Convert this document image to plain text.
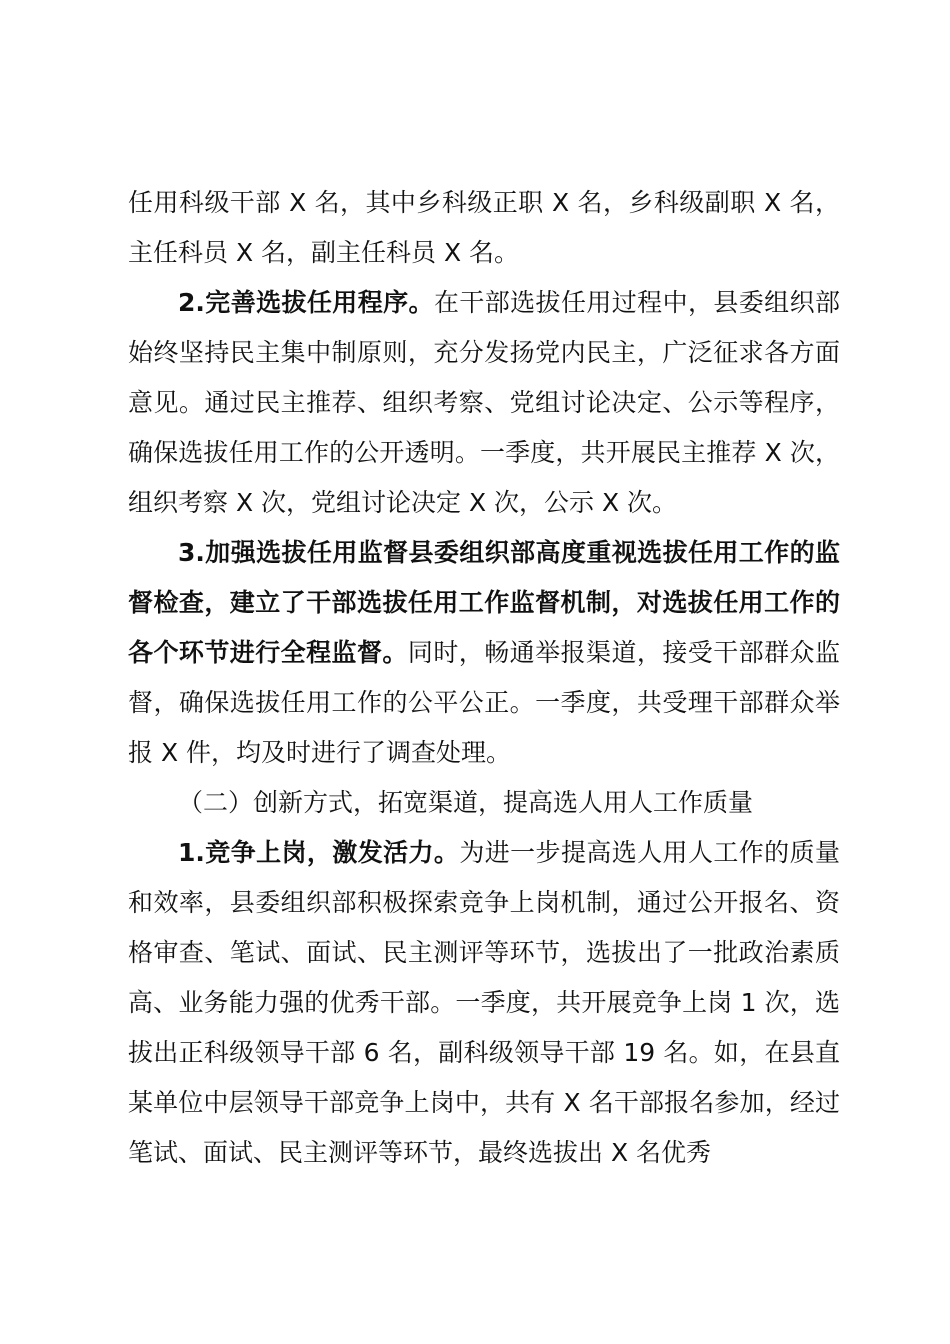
任用科级干部 X 名，其中乡科级正职 X 名，乡科级副职 X 名，主任科员 X 名，副主任科员 X 名。

2.完善选拔任用程序。在干部选拔任用过程中，县委组织部始终坚持民主集中制原则，充分发扬党内民主，广泛征求各方面意见。通过民主推荐、组织考察、党组讨论决定、公示等程序，确保选拔任用工作的公开透明。一季度，共开展民主推荐 X 次，组织考察 X 次，党组讨论决定 X 次，公示 X 次。

3.加强选拔任用监督县委组织部高度重视选拔任用工作的监督检查，建立了干部选拔任用工作监督机制，对选拔任用工作的各个环节进行全程监督。同时，畅通举报渠道，接受干部群众监督，确保选拔任用工作的公平公正。一季度，共受理干部群众举报 X 件，均及时进行了调查处理。

（二）创新方式，拓宽渠道，提高选人用人工作质量

1.竞争上岗，激发活力。为进一步提高选人用人工作的质量和效率，县委组织部积极探索竞争上岗机制，通过公开报名、资格审查、笔试、面试、民主测评等环节，选拔出了一批政治素质高、业务能力强的优秀干部。一季度，共开展竞争上岗 1 次，选拔出正科级领导干部 6 名，副科级领导干部 19 名。如，在县直某单位中层领导干部竞争上岗中，共有 X 名干部报名参加，经过笔试、面试、民主测评等环节，最终选拔出 X 名优秀
